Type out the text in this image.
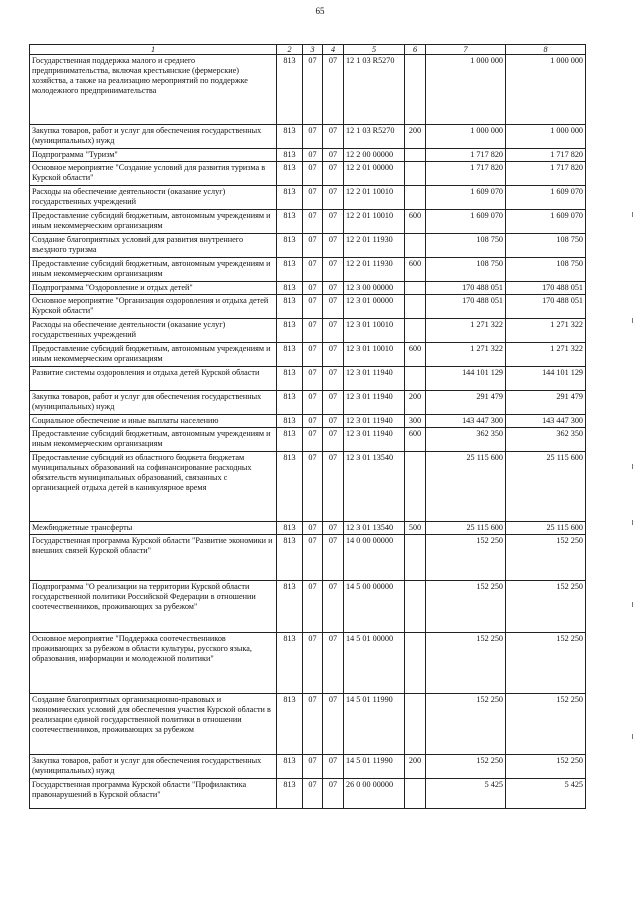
65
1	2	3	4	5	6	7	8
Государственная поддержка малого и среднего предпринимательства, включая крестьянские (фермерские) хозяйства, а также на реализацию мероприятий по поддержке молодежного предпринимательства	813	07	07	12 1 03 R5270		1 000 000	1 000 000
Закупка товаров, работ и услуг для обеспечения государственных (муниципальных) нужд	813	07	07	12 1 03 R5270	200	1 000 000	1 000 000
Подпрограмма "Туризм"	813	07	07	12 2 00 00000		1 717 820	1 717 820
Основное мероприятие "Создание условий для развития туризма в Курской области"	813	07	07	12 2 01 00000		1 717 820	1 717 820
Расходы на обеспечение деятельности (оказание услуг) государственных учреждений	813	07	07	12 2 01 10010		1 609 070	1 609 070
Предоставление субсидий бюджетным, автономным учреждениям и иным некоммерческим организациям	813	07	07	12 2 01 10010	600	1 609 070	1 609 070
Создание благоприятных условий для развития внутреннего въездного туризма	813	07	07	12 2 01 11930		108 750	108 750
Предоставление субсидий бюджетным, автономным учреждениям и иным некоммерческим организациям	813	07	07	12 2 01 11930	600	108 750	108 750
Подпрограмма "Оздоровление и отдых детей"	813	07	07	12 3 00 00000		170 488 051	170 488 051
Основное мероприятие "Организация оздоровления и отдыха детей Курской области"	813	07	07	12 3 01 00000		170 488 051	170 488 051
Расходы на обеспечение деятельности (оказание услуг) государственных учреждений	813	07	07	12 3 01 10010		1 271 322	1 271 322
Предоставление субсидий бюджетным, автономным учреждениям и иным некоммерческим организациям	813	07	07	12 3 01 10010	600	1 271 322	1 271 322
Развитие системы оздоровления и отдыха детей Курской области	813	07	07	12 3 01 11940		144 101 129	144 101 129
Закупка товаров, работ и услуг для обеспечения государственных (муниципальных) нужд	813	07	07	12 3 01 11940	200	291 479	291 479
Социальное обеспечение и иные выплаты населению	813	07	07	12 3 01 11940	300	143 447 300	143 447 300
Предоставление субсидий бюджетным, автономным учреждениям и иным некоммерческим организациям	813	07	07	12 3 01 11940	600	362 350	362 350
Предоставление субсидий из областного бюджета бюджетам муниципальных образований на софинансирование расходных обязательств муниципальных образований, связанных с организацией отдыха детей в каникулярное время	813	07	07	12 3 01 13540		25 115 600	25 115 600
Межбюджетные трансферты	813	07	07	12 3 01 13540	500	25 115 600	25 115 600
Государственная программа Курской области "Развитие экономики и внешних связей Курской области"	813	07	07	14 0 00 00000		152 250	152 250
Подпрограмма "О реализации на территории Курской области государственной политики Российской Федерации в отношении соотечественников, проживающих за рубежом"	813	07	07	14 5 00 00000		152 250	152 250
Основное мероприятие "Поддержка соотечественников проживающих за рубежом в области культуры, русского языка, образования, информации и молодежной политики"	813	07	07	14 5 01 00000		152 250	152 250
Создание благоприятных организационно-правовых и экономических условий для обеспечения участия Курской области в реализации единой государственной политики в отношении соотечественников, проживающих за рубежом	813	07	07	14 5 01 11990		152 250	152 250
Закупка товаров, работ и услуг для обеспечения государственных (муниципальных) нужд	813	07	07	14 5 01 11990	200	152 250	152 250
Государственная программа Курской области "Профилактика правонарушений в Курской области"	813	07	07	26 0 00 00000		5 425	5 425
